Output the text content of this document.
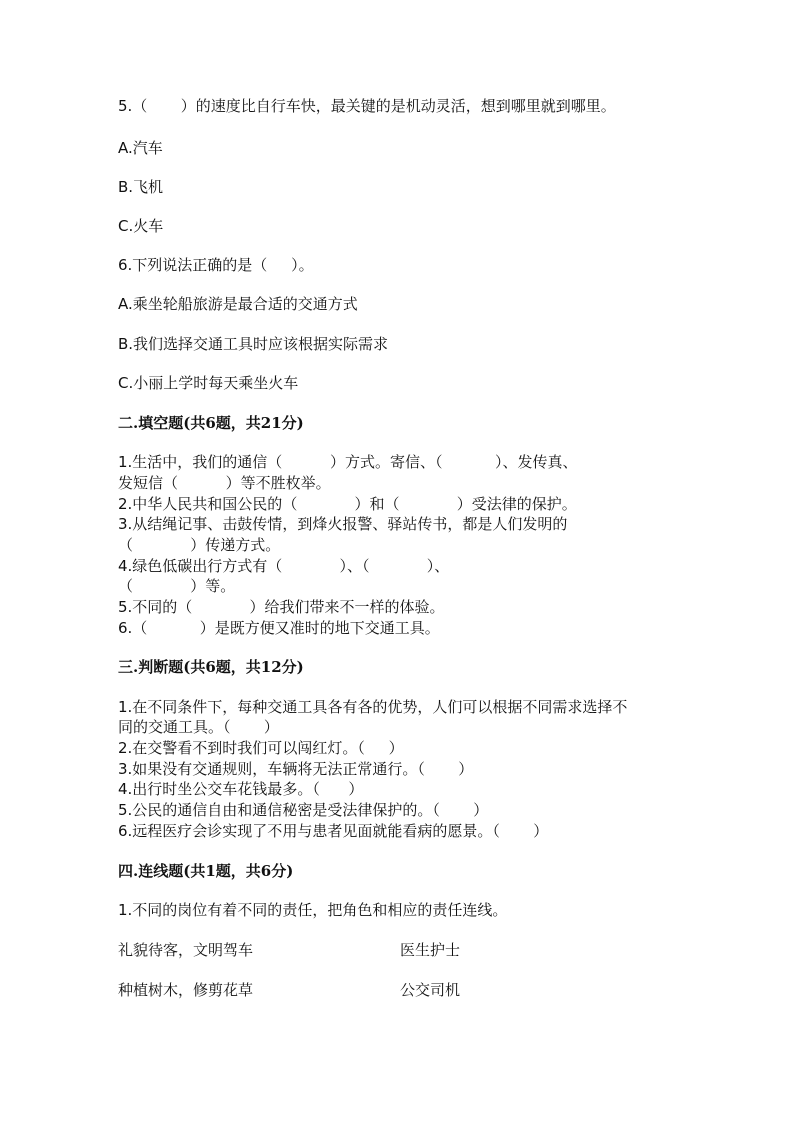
5.（       ）的速度比自行车快，最关键的是机动灵活，想到哪里就到哪里。
A.汽车
B.飞机
C.火车
6.下列说法正确的是（     ）。
A.乘坐轮船旅游是最合适的交通方式
B.我们选择交通工具时应该根据实际需求
C.小丽上学时每天乘坐火车
二.填空题(共6题，共21分)
1.生活中，我们的通信（          ）方式。寄信、（           ）、发传真、
发短信（          ）等不胜枚举。
2.中华人民共和国公民的（            ）和（            ）受法律的保护。
3.从结绳记事、击鼓传情，到烽火报警、驿站传书，都是人们发明的
（            ）传递方式。
4.绿色低碳出行方式有（            ）、（            ）、
（            ）等。
5.不同的（            ）给我们带来不一样的体验。
6.（           ）是既方便又准时的地下交通工具。
三.判断题(共6题，共12分)
1.在不同条件下，每种交通工具各有各的优势，人们可以根据不同需求选择不
同的交通工具。（       ）
2.在交警看不到时我们可以闯红灯。（     ）
3.如果没有交通规则，车辆将无法正常通行。（       ）
4.出行时坐公交车花钱最多。（      ）
5.公民的通信自由和通信秘密是受法律保护的。（       ）
6.远程医疗会诊实现了不用与患者见面就能看病的愿景。（       ）
四.连线题(共1题，共6分)
1.不同的岗位有着不同的责任，把角色和相应的责任连线。
礼貌待客，文明驾车	医生护士
种植树木，修剪花草	公交司机
